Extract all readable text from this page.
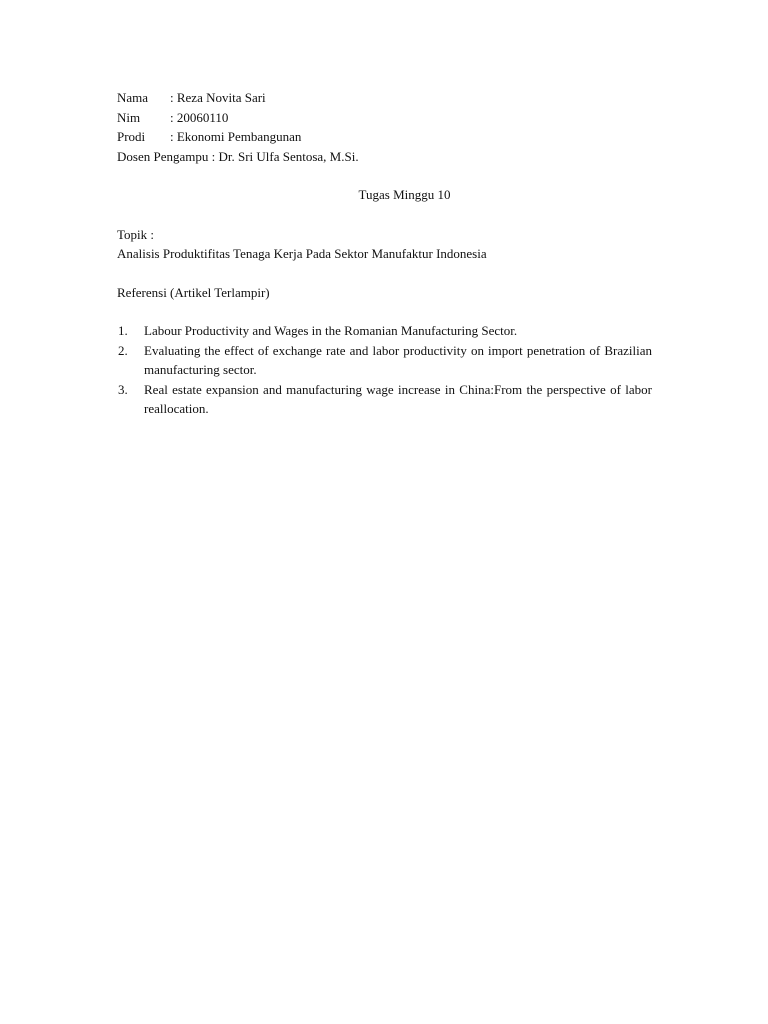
Nama	: Reza Novita Sari
Nim	: 20060110
Prodi	: Ekonomi Pembangunan
Dosen Pengampu : Dr. Sri Ulfa Sentosa, M.Si.
Tugas Minggu 10
Topik :
Analisis Produktifitas Tenaga Kerja Pada Sektor Manufaktur Indonesia
Referensi (Artikel Terlampir)
1.	Labour Productivity and Wages in the Romanian Manufacturing Sector.
2.	Evaluating the effect of exchange rate and labor productivity on import penetration of Brazilian manufacturing sector.
3.	Real estate expansion and manufacturing wage increase in China:From the perspective of labor reallocation.
